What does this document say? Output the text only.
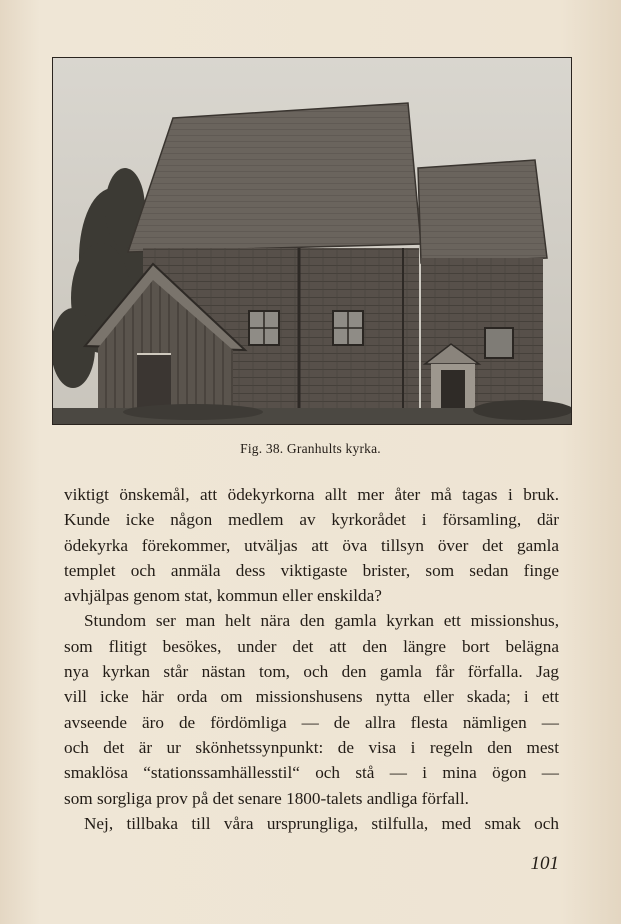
Fig. 38. Granhults kyrka.
viktigt önskemål, att ödekyrkorna allt mer åter må tagas i bruk.
Kunde icke någon medlem av kyrkorådet i församling, där
ödekyrka förekommer, utväljas att öva tillsyn över det gamla
templet och anmäla dess viktigaste brister, som sedan finge
avhjälpas genom stat, kommun eller enskilda?
Stundom ser man helt nära den gamla kyrkan ett missionshus,
som flitigt besökes, under det att den längre bort belägna
nya kyrkan står nästan tom, och den gamla får förfalla. Jag
vill icke här orda om missionshusens nytta eller skada; i ett
avseende äro de fördömliga — de allra flesta nämligen —
och det är ur skönhetssynpunkt: de visa i regeln den mest
smaklösa “stationssamhällesstil“ och stå — i mina ögon —
som sorgliga prov på det senare 1800-talets andliga förfall.
Nej, tillbaka till våra ursprungliga, stilfulla, med smak och
101
